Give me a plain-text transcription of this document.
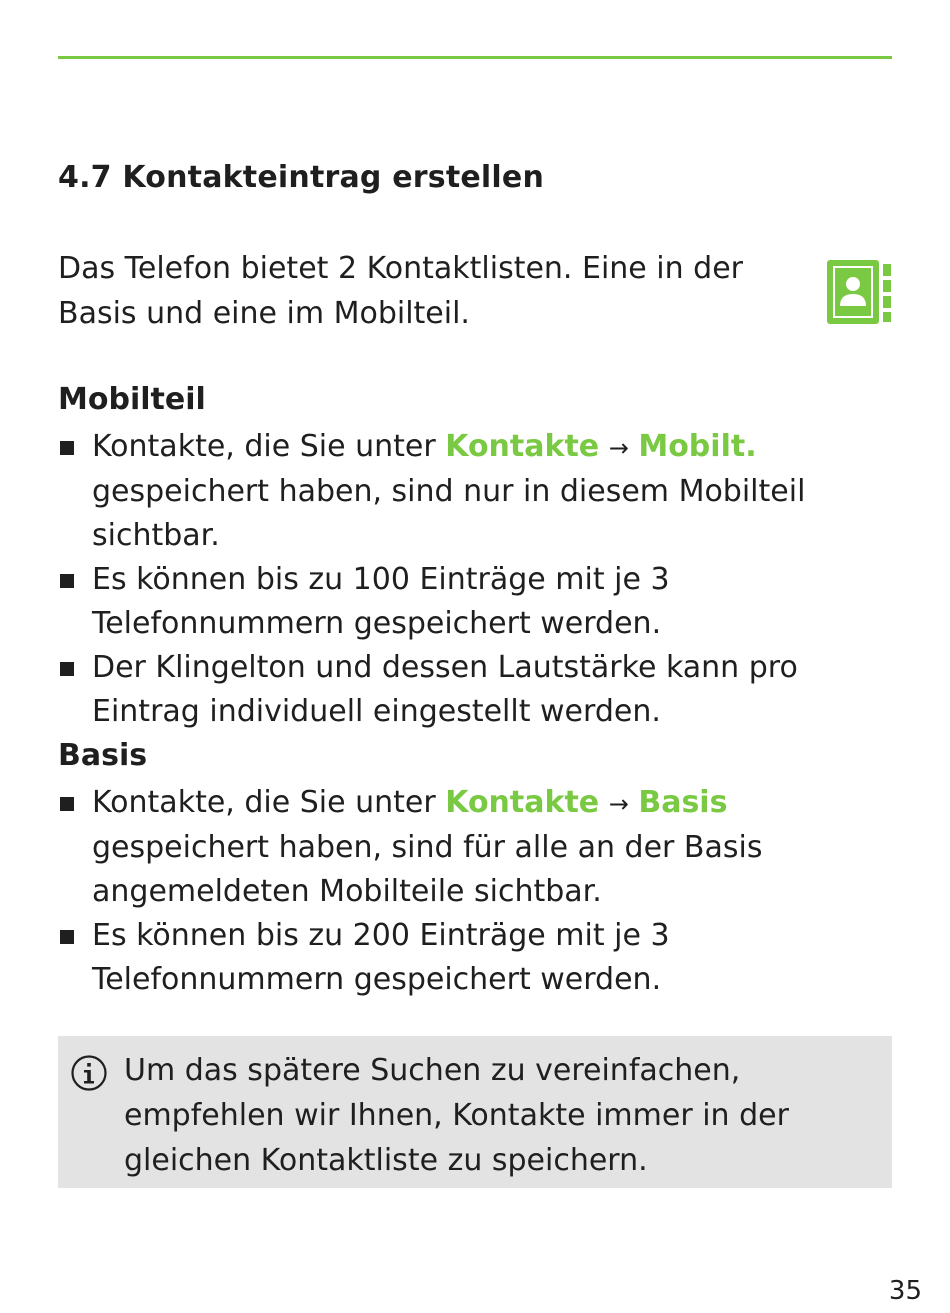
4.7 Kontakteintrag erstellen
Das Telefon bietet 2 Kontaktlisten. Eine in der Basis und eine im Mobilteil.
Mobilteil
Kontakte, die Sie unter Kontakte → Mobilt. gespeichert haben, sind nur in diesem Mobilteil sichtbar.
Es können bis zu 100 Einträge mit je 3 Telefonnummern gespeichert werden.
Der Klingelton und dessen Lautstärke kann pro Eintrag individuell eingestellt werden.
Basis
Kontakte, die Sie unter Kontakte → Basis gespeichert haben, sind für alle an der Basis angemeldeten Mobilteile sichtbar.
Es können bis zu 200 Einträge mit je 3 Telefonnummern gespeichert werden.
Um das spätere Suchen zu vereinfachen, empfehlen wir Ihnen, Kontakte immer in der gleichen Kontaktliste zu speichern.
35
